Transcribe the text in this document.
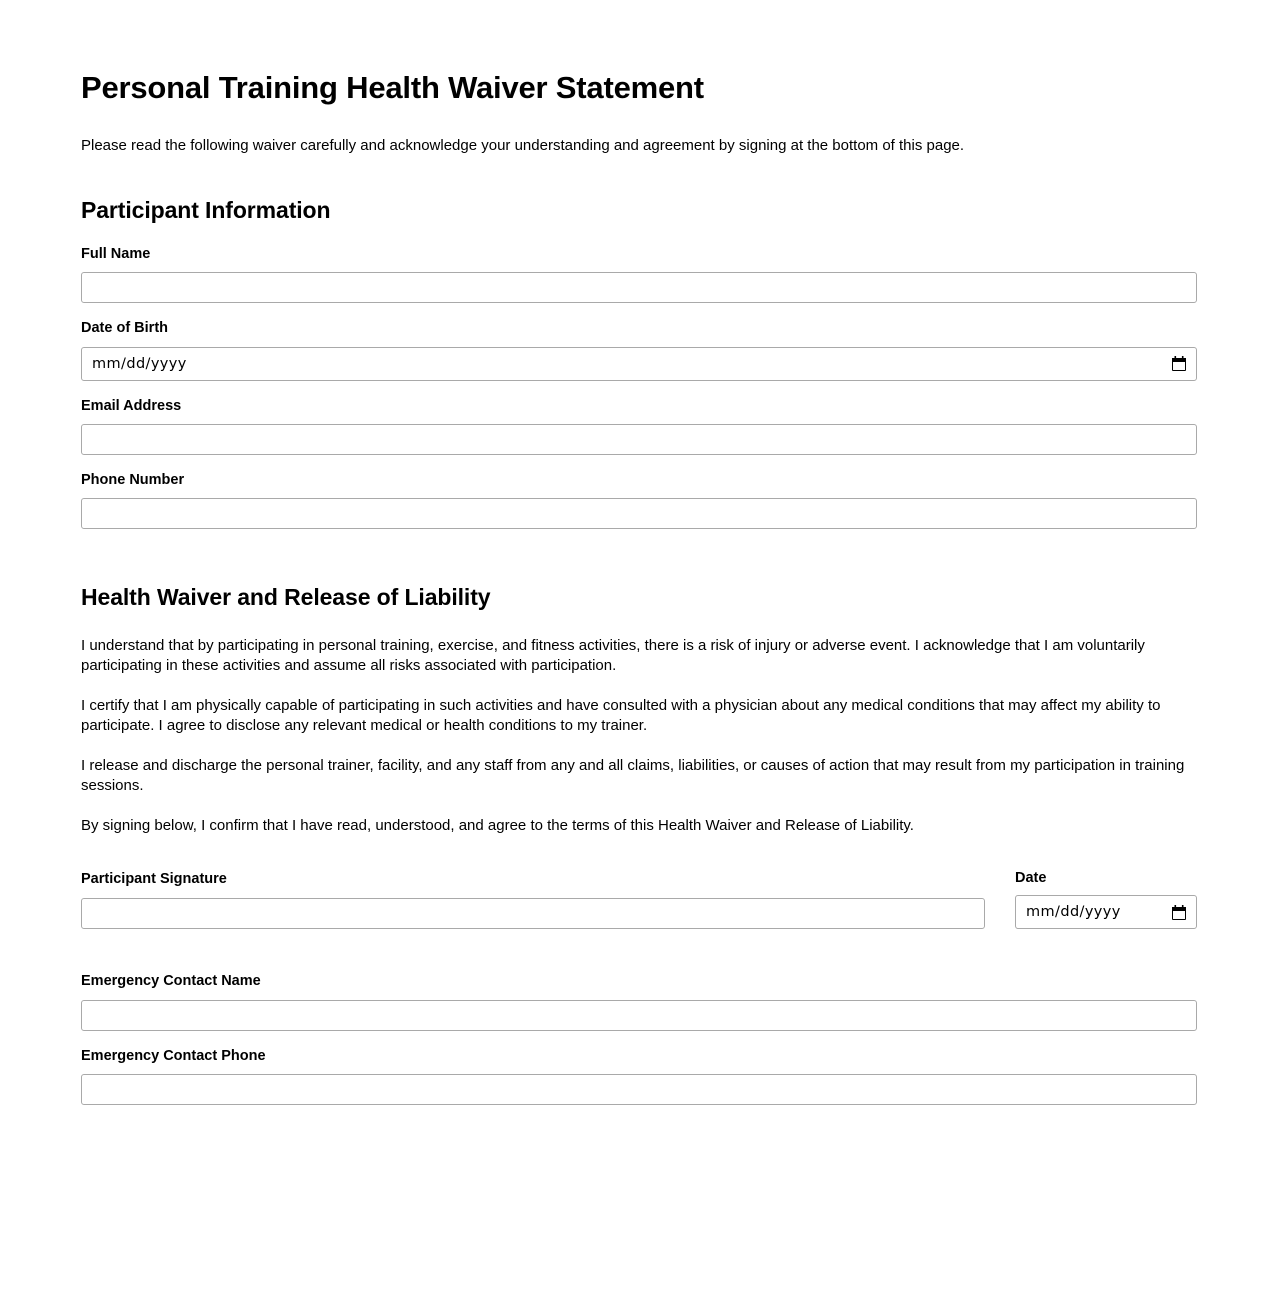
Personal Training Health Waiver Statement

Please read the following waiver carefully and acknowledge your understanding and agreement by signing at the bottom of this page.

Participant Information
Full Name
Date of Birth
mm/dd/yyyy
Email Address
Phone Number
Health Waiver and Release of Liability

I understand that by participating in personal training, exercise, and fitness activities, there is a risk of injury or adverse event. I acknowledge that I am voluntarily participating in these activities and assume all risks associated with participation.

I certify that I am physically capable of participating in such activities and have consulted with a physician about any medical conditions that may affect my ability to participate. I agree to disclose any relevant medical or health conditions to my trainer.

I release and discharge the personal trainer, facility, and any staff from any and all claims, liabilities, or causes of action that may result from my participation in training sessions.

By signing below, I confirm that I have read, understood, and agree to the terms of this Health Waiver and Release of Liability.

Participant Signature	Date
mm/dd/yyyy
Emergency Contact Name
Emergency Contact Phone
